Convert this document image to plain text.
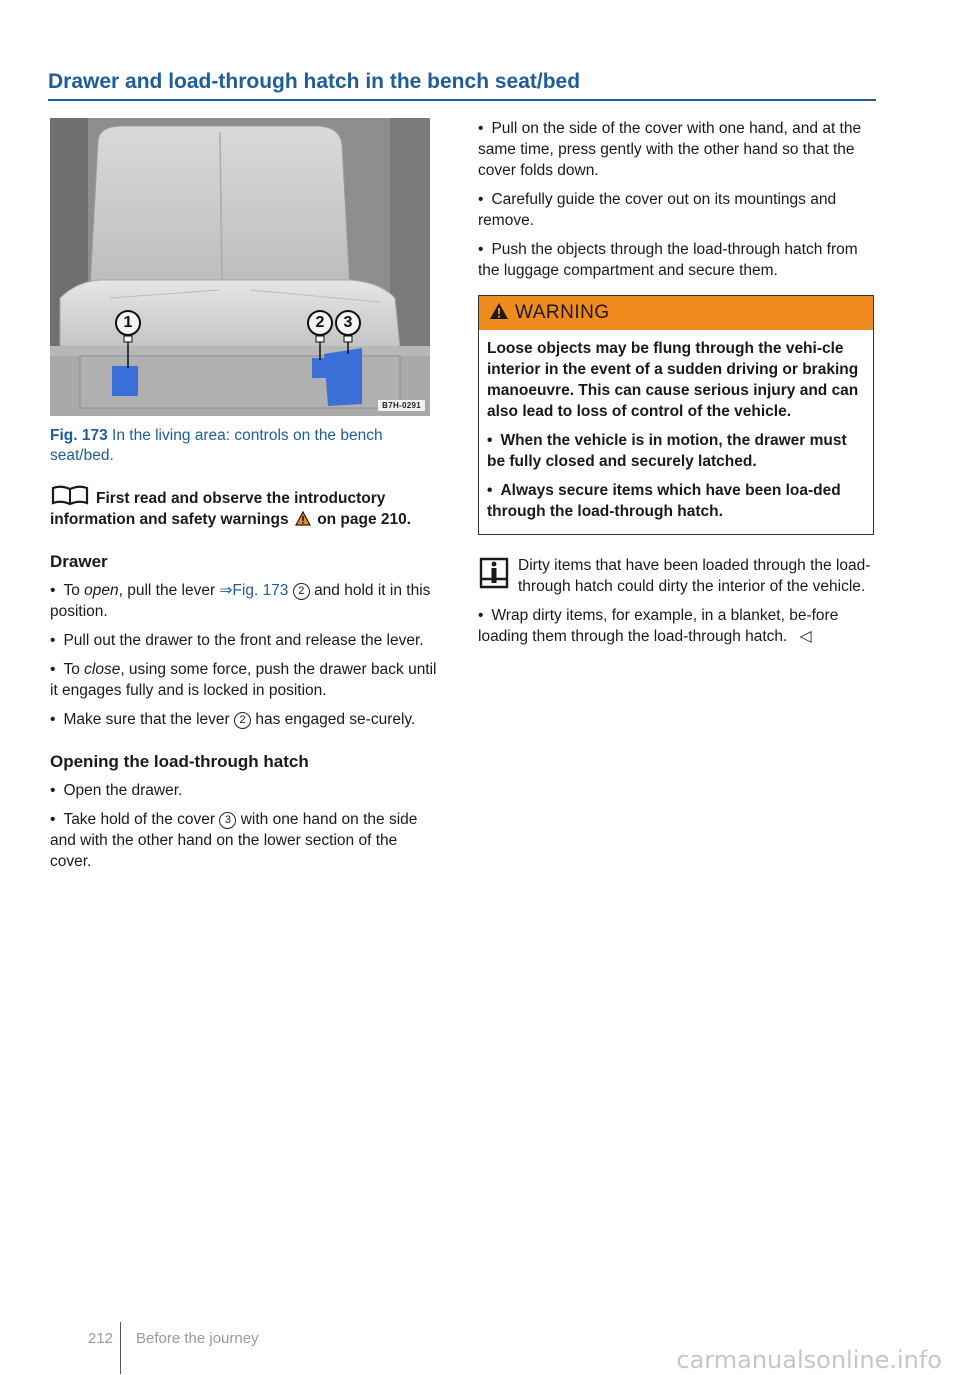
Drawer and load-through hatch in the bench seat/bed
1	2	3
B7H-0291
Fig. 173 In the living area: controls on the bench seat/bed.
First read and observe the introductory information and safety warnings on page 210.
Drawer

• To open, pull the lever ⇒Fig. 173 2 and hold it in this position.

• Pull out the drawer to the front and release the lever.

• To close, using some force, push the drawer back until it engages fully and is locked in position.

• Make sure that the lever 2 has engaged se-curely.

Opening the load-through hatch

• Open the drawer.

• Take hold of the cover 3 with one hand on the side and with the other hand on the lower section of the cover.

• Pull on the side of the cover with one hand, and at the same time, press gently with the other hand so that the cover folds down.

• Carefully guide the cover out on its mountings and remove.

• Push the objects through the load-through hatch from the luggage compartment and secure them.

WARNING

Loose objects may be flung through the vehi-cle interior in the event of a sudden driving or braking manoeuvre. This can cause serious injury and can also lead to loss of control of the vehicle.

• When the vehicle is in motion, the drawer must be fully closed and securely latched.

• Always secure items which have been loa-ded through the load-through hatch.

Dirty items that have been loaded through the load-through hatch could dirty the interior of the vehicle.

• Wrap dirty items, for example, in a blanket, be-fore loading them through the load-through hatch. ◁

212 Before the journey
carmanualsonline.info
